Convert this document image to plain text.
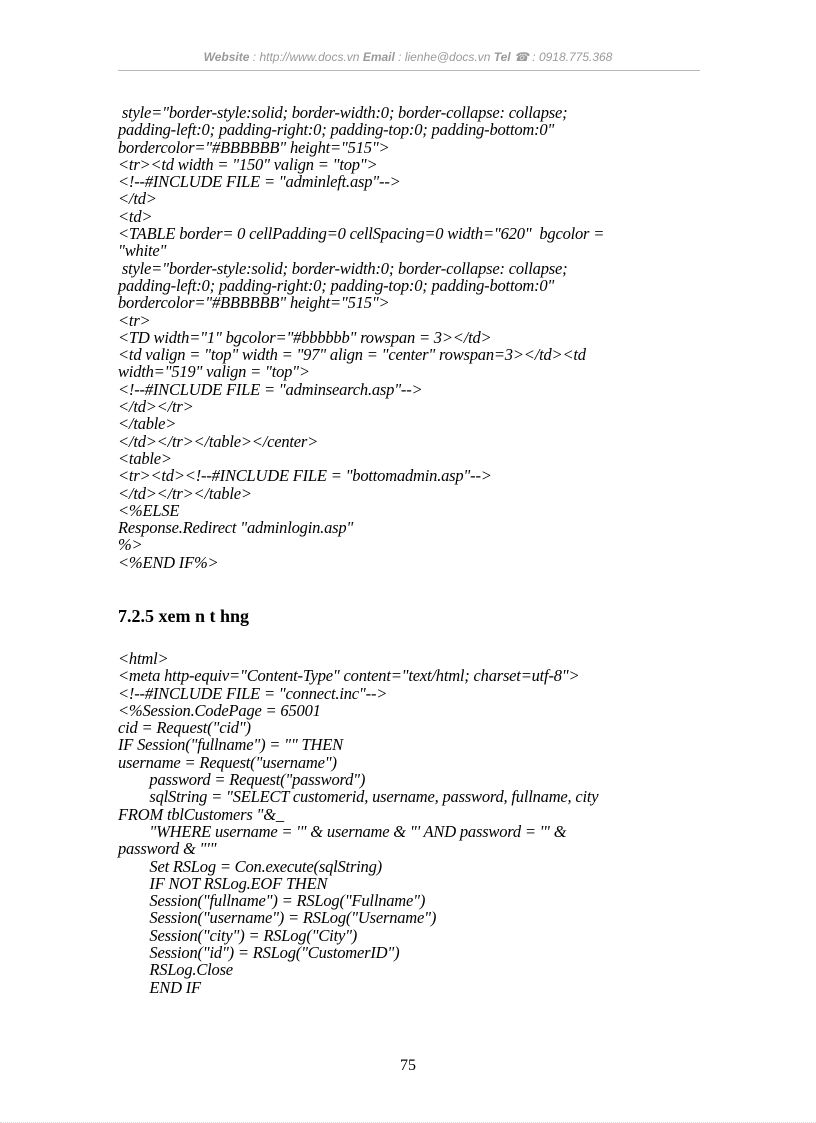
Website : http://www.docs.vn Email : lienhe@docs.vn Tel ☎ : 0918.775.368
style="border-style:solid; border-width:0; border-collapse: collapse;
padding-left:0; padding-right:0; padding-top:0; padding-bottom:0"
bordercolor="#BBBBBB" height="515">
<tr><td width = "150" valign = "top">
<!--#INCLUDE FILE = "adminleft.asp"-->
</td>
<td>
<TABLE border= 0 cellPadding=0 cellSpacing=0 width="620"  bgcolor =
"white"
style="border-style:solid; border-width:0; border-collapse: collapse;
padding-left:0; padding-right:0; padding-top:0; padding-bottom:0"
bordercolor="#BBBBBB" height="515">
<tr>
<TD width="1" bgcolor="#bbbbbb" rowspan = 3></td>
<td valign = "top" width = "97" align = "center" rowspan=3></td><td
width="519" valign = "top">
<!--#INCLUDE FILE = "adminsearch.asp"-->
</td></tr>
</table>
</td></tr></table></center>
<table>
<tr><td><!--#INCLUDE FILE = "bottomadmin.asp"-->
</td></tr></table>
<%ELSE
Response.Redirect "adminlogin.asp"
%>
<%END IF%>
7.2.5 xem n t hng
<html>
<meta http-equiv="Content-Type" content="text/html; charset=utf-8">
<!--#INCLUDE FILE = "connect.inc"-->
<%Session.CodePage = 65001
cid = Request("cid")
IF Session("fullname") = "" THEN
username = Request("username")
password = Request("password")
sqlString = "SELECT customerid, username, password, fullname, city
FROM tblCustomers "&_
"WHERE username = '" & username & "' AND password = '" &
password & "'"
Set RSLog = Con.execute(sqlString)
IF NOT RSLog.EOF THEN
Session("fullname") = RSLog("Fullname")
Session("username") = RSLog("Username")
Session("city") = RSLog("City")
Session("id") = RSLog("CustomerID")
RSLog.Close
END IF
75
